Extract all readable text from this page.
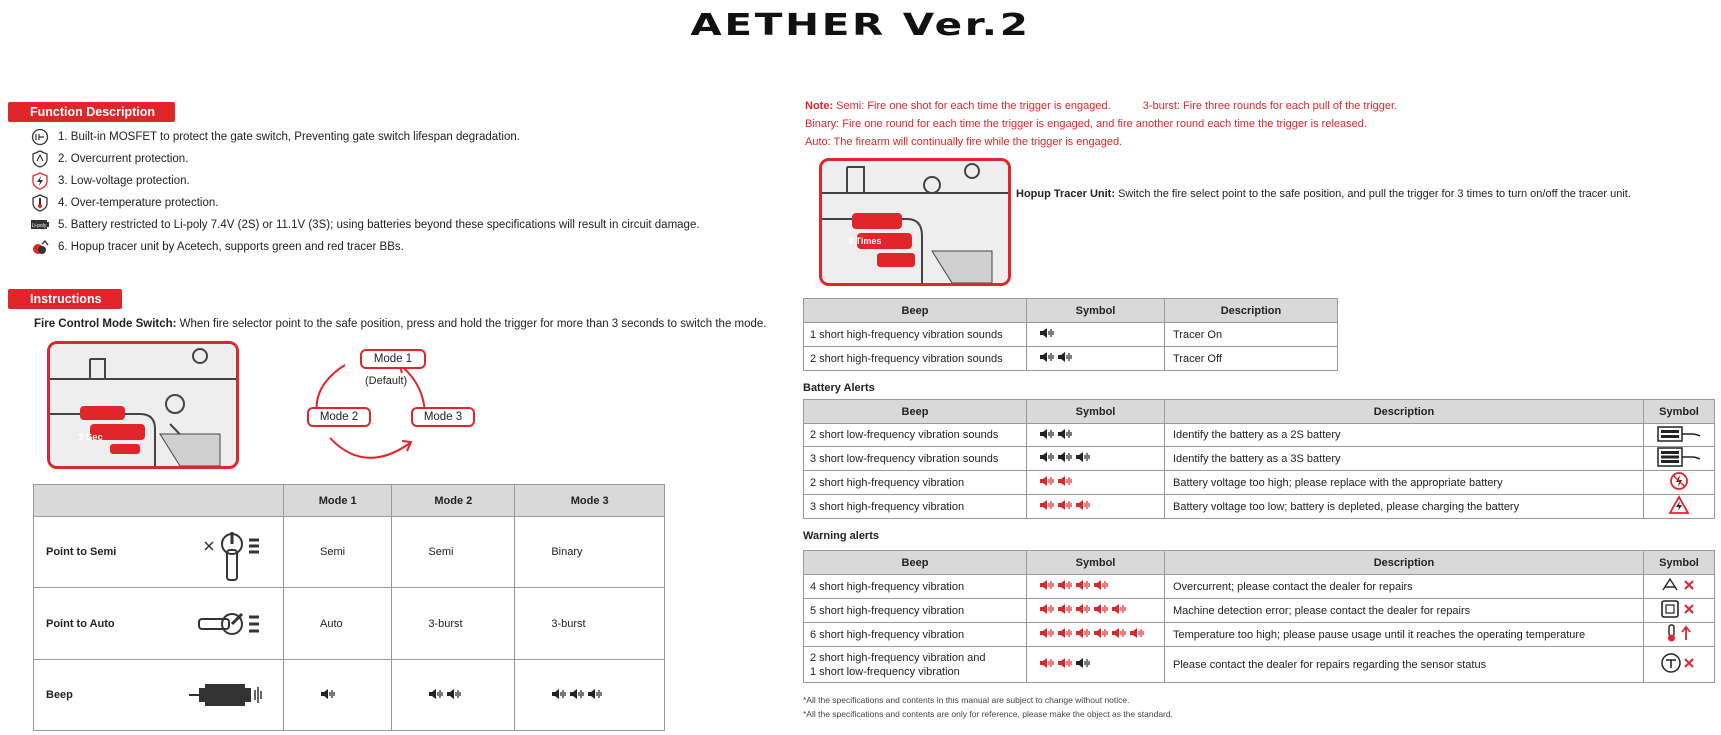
AETHER Ver.2
Function Description
1. Built-in MOSFET to protect the gate switch, Preventing gate switch lifespan degradation.
2. Overcurrent protection.
3. Low-voltage protection.
4. Over-temperature protection.
Li-poly 5. Battery restricted to Li-poly 7.4V (2S) or 11.1V (3S); using batteries beyond these specifications will result in circuit damage.
6. Hopup tracer unit by Acetech, supports green and red tracer BBs.
Instructions
Fire Control Mode Switch: When fire selector point to the safe position, press and hold the trigger for more than 3 seconds to switch the mode.
3 Sec
Mode 1
(Default)
Mode 2	Mode 3
	Mode 1	Mode 2	Mode 3

Point to Semi	Semi	Semi	Binary

Point to Auto	Auto	3-burst	3-burst

Beep

Note: Semi: Fire one shot for each time the trigger is engaged.	3-burst: Fire three rounds for each pull of the trigger.
Binary: Fire one round for each time the trigger is engaged, and fire another round each time the trigger is released.
Auto: The firearm will continually fire while the trigger is engaged.
3 Times
Hopup Tracer Unit: Switch the fire select point to the safe position, and pull the trigger for 3 times to turn on/off the tracer unit.
Beep	Symbol	Description
1 short high-frequency vibration sounds		Tracer On
2 short high-frequency vibration sounds		Tracer Off
Battery Alerts
Beep	Symbol	Description	Symbol
2 short low-frequency vibration sounds		Identify the battery as a 2S battery	
3 short low-frequency vibration sounds		Identify the battery as a 3S battery	
2 short high-frequency vibration		Battery voltage too high; please replace with the appropriate battery	
3 short high-frequency vibration		Battery voltage too low; battery is depleted, please charging the battery	
Warning alerts
Beep	Symbol	Description	Symbol
4 short high-frequency vibration		Overcurrent; please contact the dealer for repairs	
5 short high-frequency vibration		Machine detection error; please contact the dealer for repairs	
6 short high-frequency vibration		Temperature too high; please pause usage until it reaches the operating temperature	

2 short high-frequency vibration and
1 short low-frequency vibration		Please contact the dealer for repairs regarding the sensor status	
*All the specifications and contents in this manual are subject to change without notice.
*All the specifications and contents are only for reference, please make the object as the standard.
